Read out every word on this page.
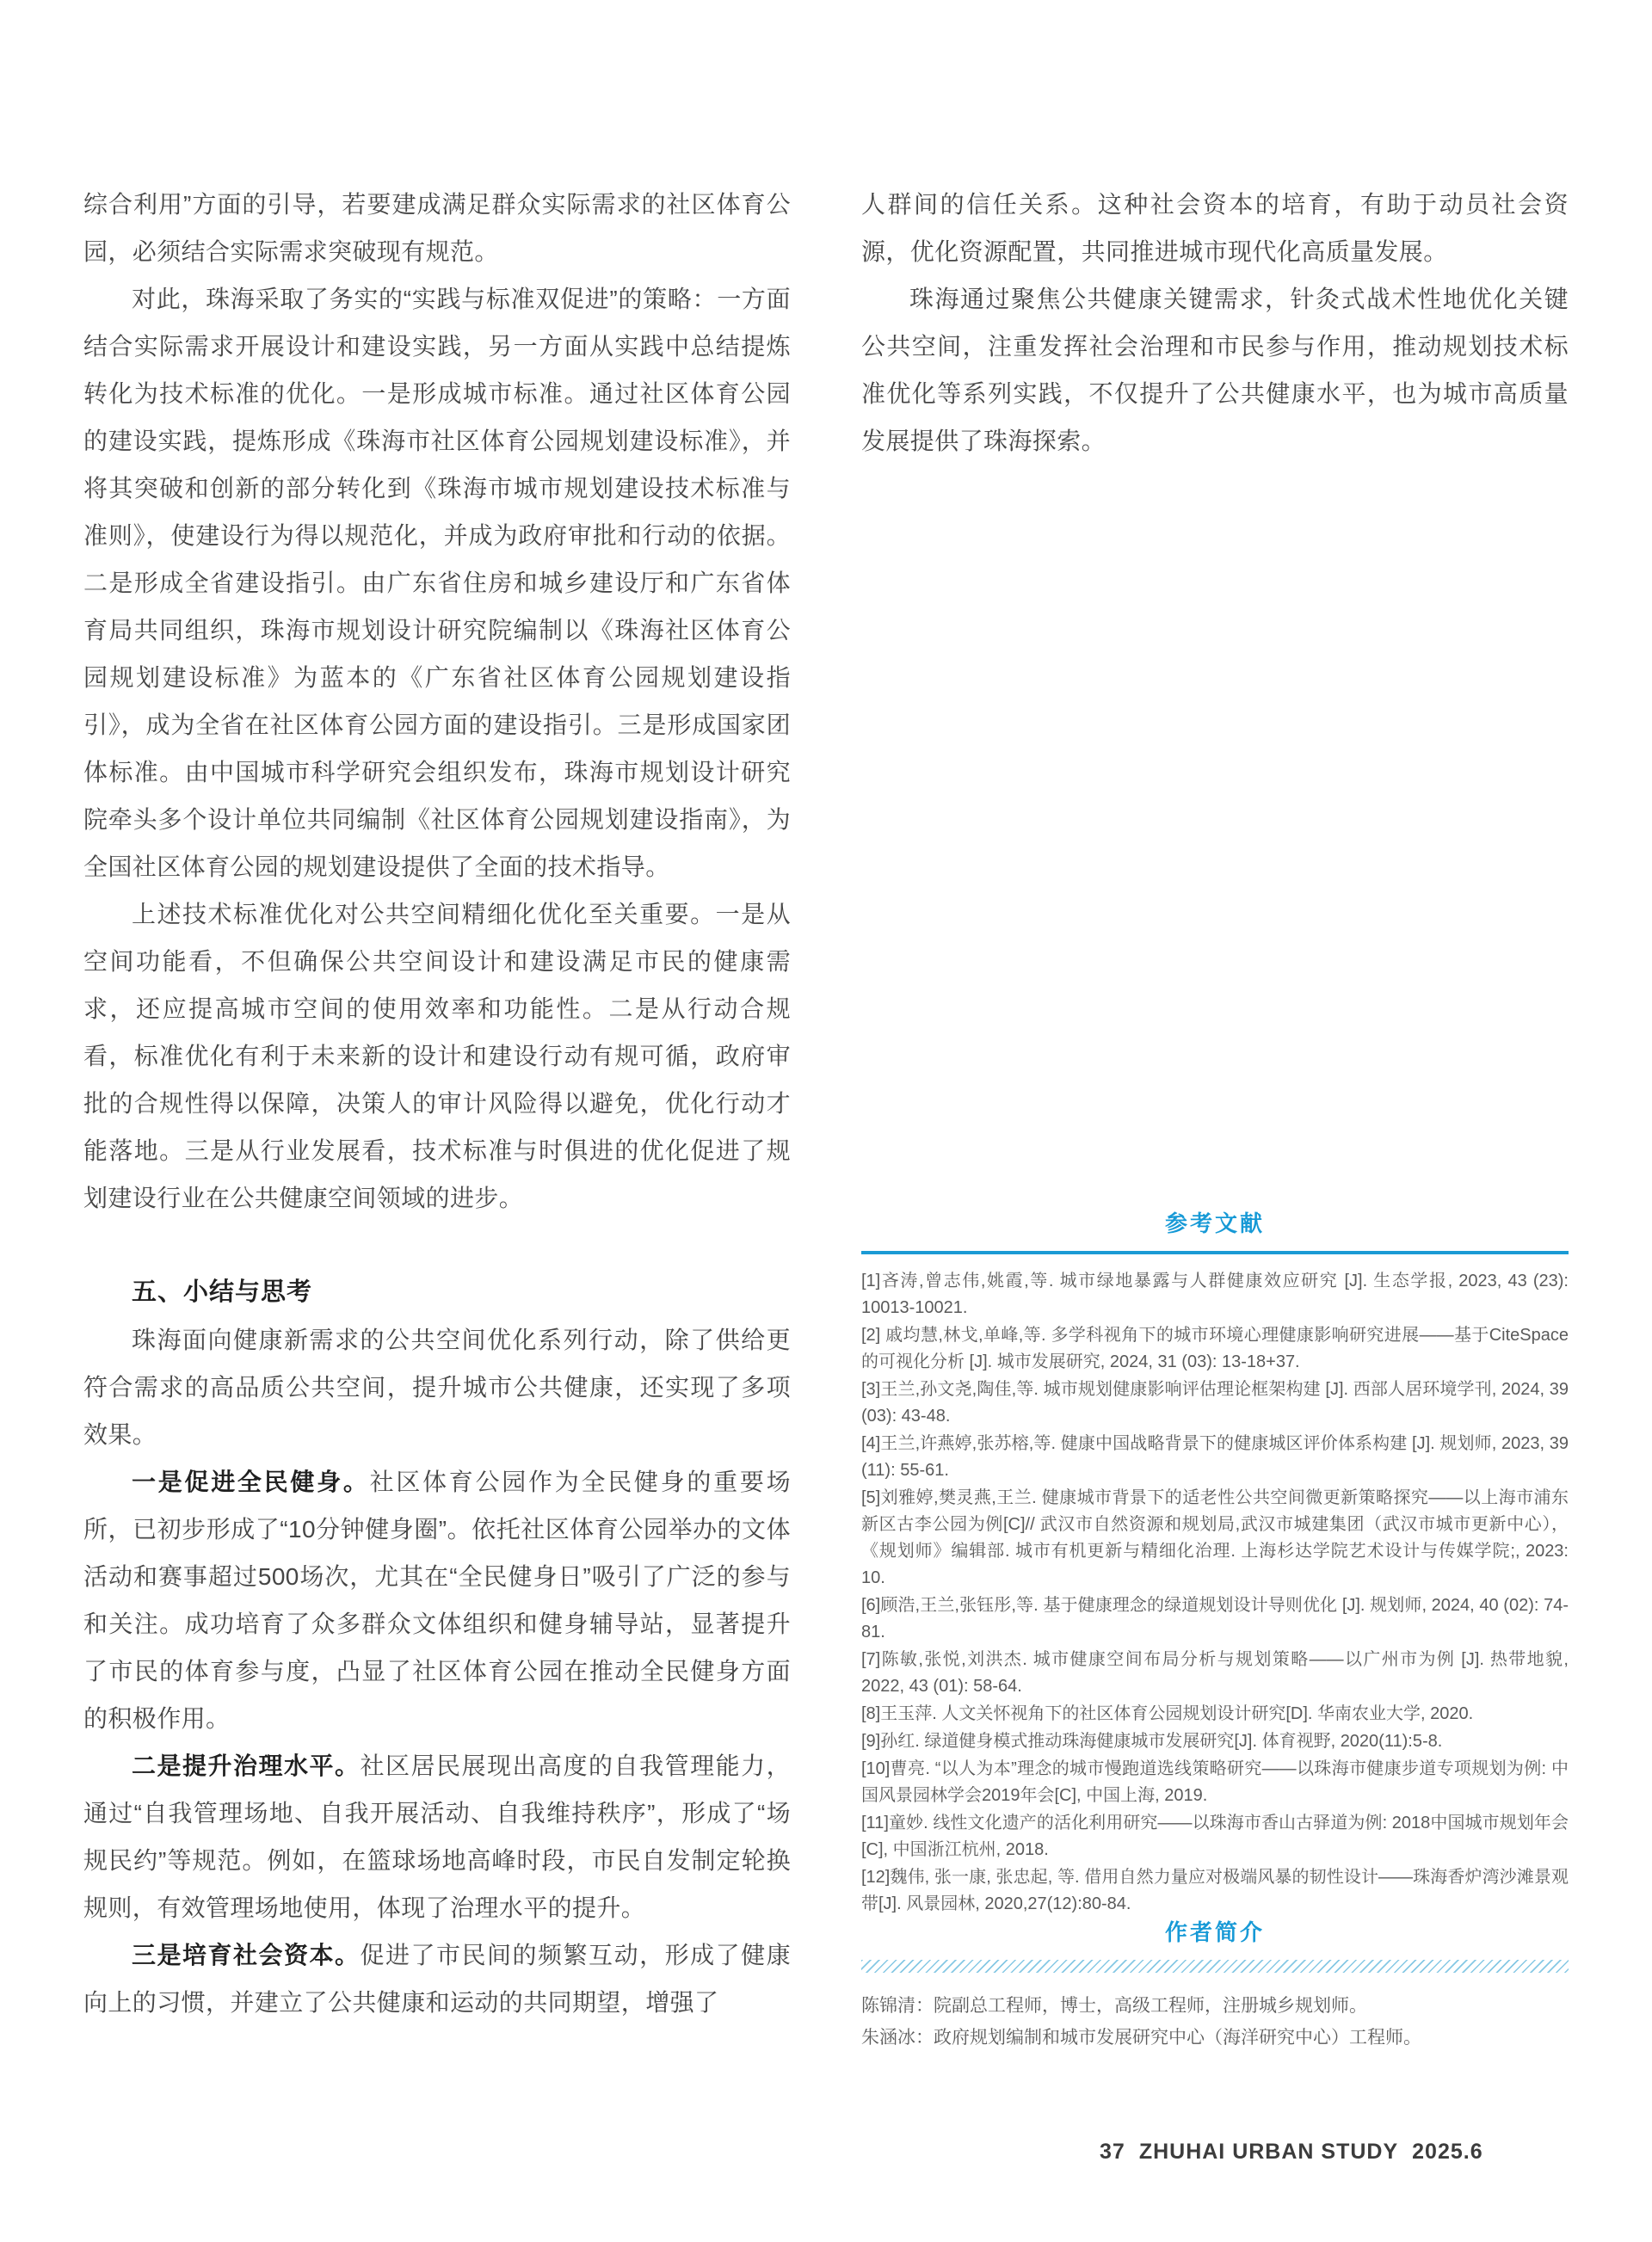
综合利用”方面的引导，若要建成满足群众实际需求的社区体育公园，必须结合实际需求突破现有规范。

对此，珠海采取了务实的“实践与标准双促进”的策略：一方面结合实际需求开展设计和建设实践，另一方面从实践中总结提炼转化为技术标准的优化。一是形成城市标准。通过社区体育公园的建设实践，提炼形成《珠海市社区体育公园规划建设标准》，并将其突破和创新的部分转化到《珠海市城市规划建设技术标准与准则》，使建设行为得以规范化，并成为政府审批和行动的依据。二是形成全省建设指引。由广东省住房和城乡建设厅和广东省体育局共同组织，珠海市规划设计研究院编制以《珠海社区体育公园规划建设标准》为蓝本的《广东省社区体育公园规划建设指引》，成为全省在社区体育公园方面的建设指引。三是形成国家团体标准。由中国城市科学研究会组织发布，珠海市规划设计研究院牵头多个设计单位共同编制《社区体育公园规划建设指南》，为全国社区体育公园的规划建设提供了全面的技术指导。

上述技术标准优化对公共空间精细化优化至关重要。一是从空间功能看，不但确保公共空间设计和建设满足市民的健康需求，还应提高城市空间的使用效率和功能性。二是从行动合规看，标准优化有利于未来新的设计和建设行动有规可循，政府审批的合规性得以保障，决策人的审计风险得以避免，优化行动才能落地。三是从行业发展看，技术标准与时俱进的优化促进了规划建设行业在公共健康空间领域的进步。

五、小结与思考

珠海面向健康新需求的公共空间优化系列行动，除了供给更符合需求的高品质公共空间，提升城市公共健康，还实现了多项效果。

一是促进全民健身。社区体育公园作为全民健身的重要场所，已初步形成了“10分钟健身圈”。依托社区体育公园举办的文体活动和赛事超过500场次，尤其在“全民健身日”吸引了广泛的参与和关注。成功培育了众多群众文体组织和健身辅导站，显著提升了市民的体育参与度，凸显了社区体育公园在推动全民健身方面的积极作用。

二是提升治理水平。社区居民展现出高度的自我管理能力，通过“自我管理场地、自我开展活动、自我维持秩序”，形成了“场规民约”等规范。例如，在篮球场地高峰时段，市民自发制定轮换规则，有效管理场地使用，体现了治理水平的提升。

三是培育社会资本。促进了市民间的频繁互动，形成了健康向上的习惯，并建立了公共健康和运动的共同期望，增强了

人群间的信任关系。这种社会资本的培育，有助于动员社会资源，优化资源配置，共同推进城市现代化高质量发展。

珠海通过聚焦公共健康关键需求，针灸式战术性地优化关键公共空间，注重发挥社会治理和市民参与作用，推动规划技术标准优化等系列实践，不仅提升了公共健康水平，也为城市高质量发展提供了珠海探索。

参考文献

[1]吝涛,曾志伟,姚霞,等. 城市绿地暴露与人群健康效应研究 [J]. 生态学报, 2023, 43 (23): 10013-10021.

[2] 戚均慧,林戈,单峰,等. 多学科视角下的城市环境心理健康影响研究进展——基于CiteSpace的可视化分析 [J]. 城市发展研究, 2024, 31 (03): 13-18+37.

[3]王兰,孙文尧,陶佳,等. 城市规划健康影响评估理论框架构建 [J]. 西部人居环境学刊, 2024, 39 (03): 43-48.

[4]王兰,许燕婷,张苏榕,等. 健康中国战略背景下的健康城区评价体系构建 [J]. 规划师, 2023, 39 (11): 55-61.

[5]刘雅婷,樊灵燕,王兰. 健康城市背景下的适老性公共空间微更新策略探究——以上海市浦东新区古李公园为例[C]// 武汉市自然资源和规划局,武汉市城建集团（武汉市城市更新中心），《规划师》编辑部. 城市有机更新与精细化治理. 上海杉达学院艺术设计与传媒学院;, 2023: 10.

[6]顾浩,王兰,张钰彤,等. 基于健康理念的绿道规划设计导则优化 [J]. 规划师, 2024, 40 (02): 74-81.

[7]陈敏,张悦,刘洪杰. 城市健康空间布局分析与规划策略——以广州市为例 [J]. 热带地貌, 2022, 43 (01): 58-64.

[8]王玉萍. 人文关怀视角下的社区体育公园规划设计研究[D]. 华南农业大学, 2020.

[9]孙红. 绿道健身模式推动珠海健康城市发展研究[J]. 体育视野, 2020(11):5-8.

[10]曹亮. “以人为本”理念的城市慢跑道选线策略研究——以珠海市健康步道专项规划为例: 中国风景园林学会2019年会[C], 中国上海, 2019.

[11]童妙. 线性文化遗产的活化利用研究——以珠海市香山古驿道为例: 2018中国城市规划年会[C], 中国浙江杭州, 2018.

[12]魏伟, 张一康, 张忠起, 等. 借用自然力量应对极端风暴的韧性设计——珠海香炉湾沙滩景观带[J]. 风景园林, 2020,27(12):80-84.

作者简介

陈锦清：院副总工程师，博士，高级工程师，注册城乡规划师。

朱涵冰：政府规划编制和城市发展研究中心（海洋研究中心）工程师。

37 ZHUHAI URBAN STUDY 2025.6
